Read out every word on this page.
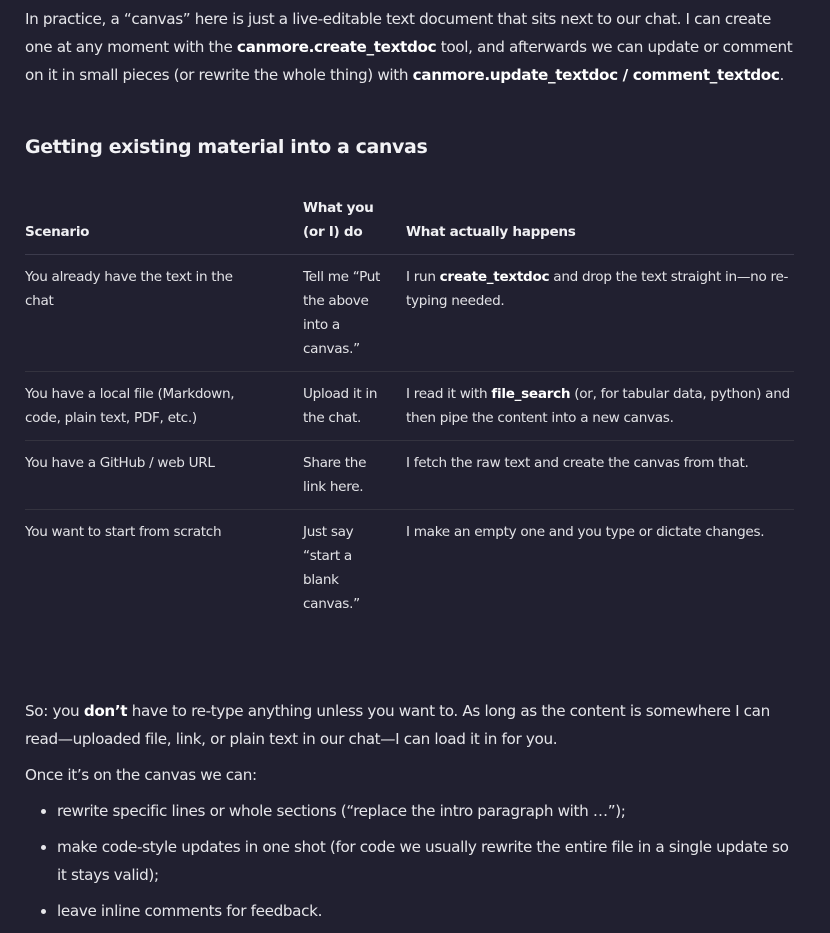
In practice, a “canvas” here is just a live-editable text document that sits next to our chat. I can create one at any moment with the canmore.create_textdoc tool, and afterwards we can update or comment on it in small pieces (or rewrite the whole thing) with canmore.update_textdoc / comment_textdoc.

Getting existing material into a canvas
Scenario	What you (or I) do	What actually happens

You already have the text in the chat	Tell me “Put the above into a canvas.”	I run create_textdoc and drop the text straight in—no re-typing needed.

You have a local file (Markdown, code, plain text, PDF, etc.)	Upload it in the chat.	I read it with file_search (or, for tabular data, python) and then pipe the content into a new canvas.

You have a GitHub / web URL	Share the link here.	I fetch the raw text and create the canvas from that.

You want to start from scratch	Just say “start a blank canvas.”	I make an empty one and you type or dictate changes.

So: you don’t have to re-type anything unless you want to. As long as the content is somewhere I can read—uploaded file, link, or plain text in our chat—I can load it in for you.

Once it’s on the canvas we can:

• rewrite specific lines or whole sections (“replace the intro paragraph with …”);
• make code-style updates in one shot (for code we usually rewrite the entire file in a single update so it stays valid);
• leave inline comments for feedback.
